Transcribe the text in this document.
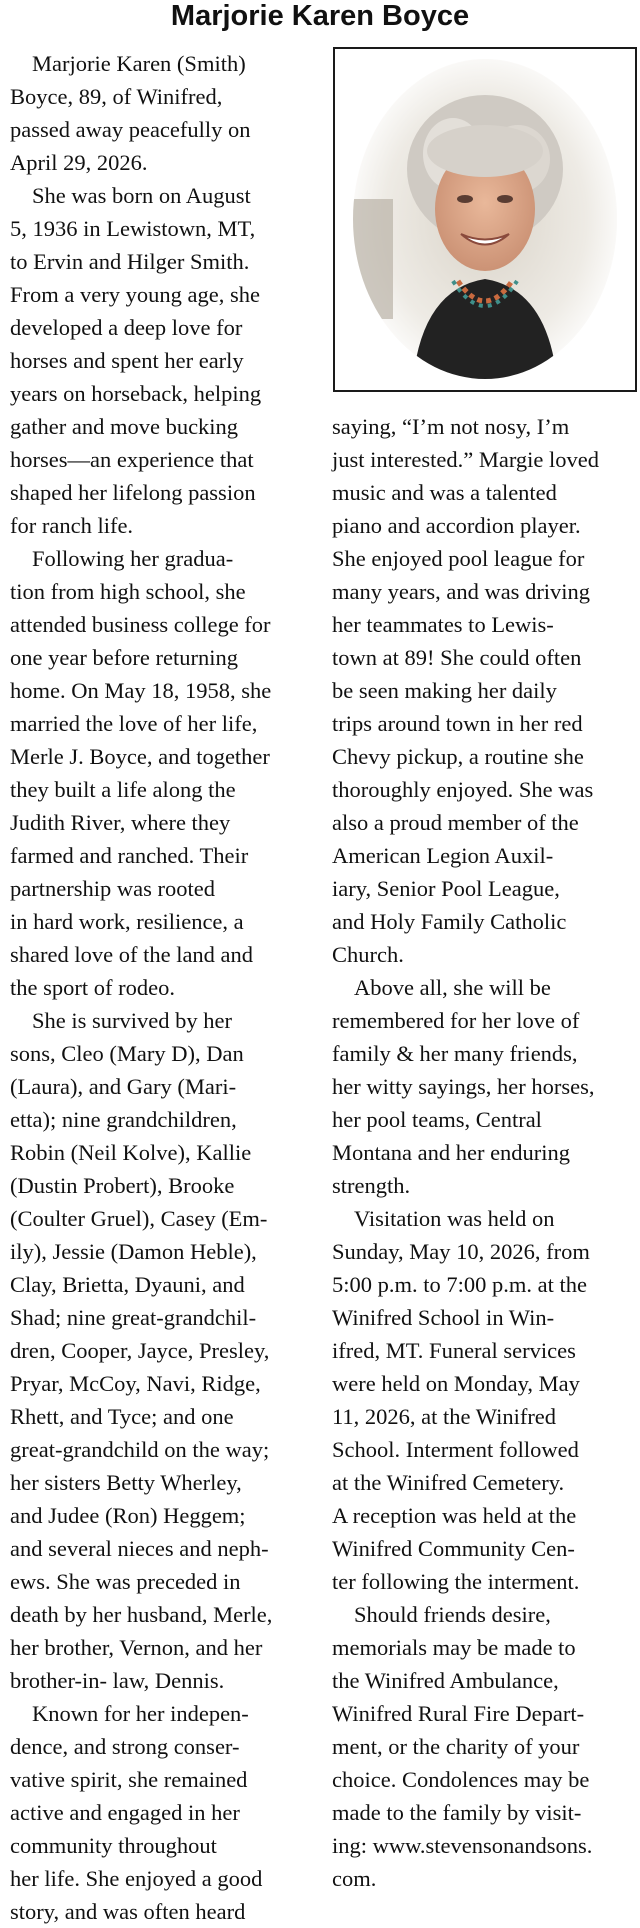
Marjorie Karen Boyce
Marjorie Karen (Smith)
Boyce, 89, of Winifred,
passed away peacefully on
April 29, 2026.
She was born on August
5, 1936 in Lewistown, MT,
to Ervin and Hilger Smith.
From a very young age, she
developed a deep love for
horses and spent her early
years on horseback, helping
gather and move bucking
horses—an experience that
shaped her lifelong passion
for ranch life.
Following her gradua-
tion from high school, she
attended business college for
one year before returning
home. On May 18, 1958, she
married the love of her life,
Merle J. Boyce, and together
they built a life along the
Judith River, where they
farmed and ranched. Their
partnership was rooted
in hard work, resilience, a
shared love of the land and
the sport of rodeo.
She is survived by her
sons, Cleo (Mary D), Dan
(Laura), and Gary (Mari-
etta); nine grandchildren,
Robin (Neil Kolve), Kallie
(Dustin Probert), Brooke
(Coulter Gruel), Casey (Em-
ily), Jessie (Damon Heble),
Clay, Brietta, Dyauni, and
Shad; nine great-grandchil-
dren, Cooper, Jayce, Presley,
Pryar, McCoy, Navi, Ridge,
Rhett, and Tyce; and one
great-grandchild on the way;
her sisters Betty Wherley,
and Judee (Ron) Heggem;
and several nieces and neph-
ews. She was preceded in
death by her husband, Merle,
her brother, Vernon, and her
brother-in- law, Dennis.
Known for her indepen-
dence, and strong conser-
vative spirit, she remained
active and engaged in her
community throughout
her life. She enjoyed a good
story, and was often heard
saying, “I’m not nosy, I’m
just interested.” Margie loved
music and was a talented
piano and accordion player.
She enjoyed pool league for
many years, and was driving
her teammates to Lewis-
town at 89! She could often
be seen making her daily
trips around town in her red
Chevy pickup, a routine she
thoroughly enjoyed. She was
also a proud member of the
American Legion Auxil-
iary, Senior Pool League,
and Holy Family Catholic
Church.
Above all, she will be
remembered for her love of
family & her many friends,
her witty sayings, her horses,
her pool teams, Central
Montana and her enduring
strength.
Visitation was held on
Sunday, May 10, 2026, from
5:00 p.m. to 7:00 p.m. at the
Winifred School in Win-
ifred, MT. Funeral services
were held on Monday, May
11, 2026, at the Winifred
School. Interment followed
at the Winifred Cemetery.
A reception was held at the
Winifred Community Cen-
ter following the interment.
Should friends desire,
memorials may be made to
the Winifred Ambulance,
Winifred Rural Fire Depart-
ment, or the charity of your
choice. Condolences may be
made to the family by visit-
ing: www.stevensonandsons.
com.
